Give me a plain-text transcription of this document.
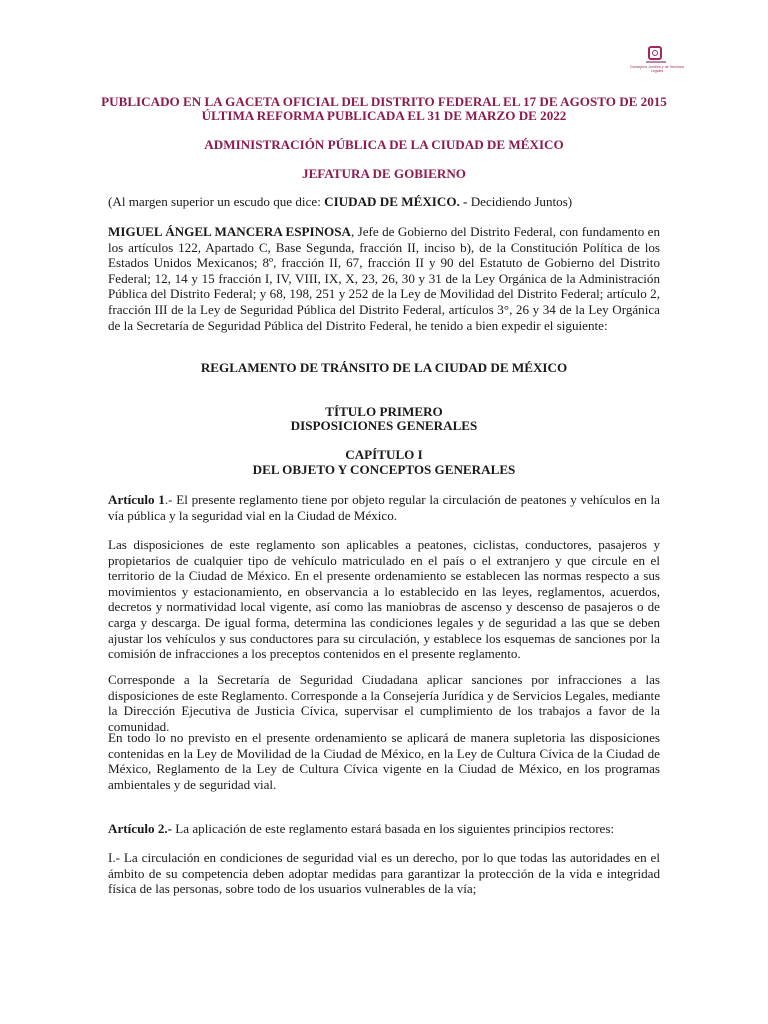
Consejería Jurídica y de Servicios Legales
PUBLICADO EN LA GACETA OFICIAL DEL DISTRITO FEDERAL EL 17 DE AGOSTO DE 2015
ÚLTIMA REFORMA PUBLICADA EL 31 DE MARZO DE 2022
ADMINISTRACIÓN PÚBLICA DE LA CIUDAD DE MÉXICO
JEFATURA DE GOBIERNO
(Al margen superior un escudo que dice: CIUDAD DE MÉXICO. - Decidiendo Juntos)
MIGUEL ÁNGEL MANCERA ESPINOSA, Jefe de Gobierno del Distrito Federal, con fundamento en los artículos 122, Apartado C, Base Segunda, fracción II, inciso b), de la Constitución Política de los Estados Unidos Mexicanos; 8º, fracción II, 67, fracción II y 90 del Estatuto de Gobierno del Distrito Federal; 12, 14 y 15 fracción I, IV, VIII, IX, X, 23, 26, 30 y 31 de la Ley Orgánica de la Administración Pública del Distrito Federal; y 68, 198, 251 y 252 de la Ley de Movilidad del Distrito Federal; artículo 2, fracción III de la Ley de Seguridad Pública del Distrito Federal, artículos 3°, 26 y 34 de la Ley Orgánica de la Secretaría de Seguridad Pública del Distrito Federal, he tenido a bien expedir el siguiente:
REGLAMENTO DE TRÁNSITO DE LA CIUDAD DE MÉXICO
TÍTULO PRIMERO
DISPOSICIONES GENERALES
CAPÍTULO I
DEL OBJETO Y CONCEPTOS GENERALES
Artículo 1.- El presente reglamento tiene por objeto regular la circulación de peatones y vehículos en la vía pública y la seguridad vial en la Ciudad de México.
Las disposiciones de este reglamento son aplicables a peatones, ciclistas, conductores, pasajeros y propietarios de cualquier tipo de vehículo matriculado en el país o el extranjero y que circule en el territorio de la Ciudad de México. En el presente ordenamiento se establecen las normas respecto a sus movimientos y estacionamiento, en observancia a lo establecido en las leyes, reglamentos, acuerdos, decretos y normatividad local vigente, así como las maniobras de ascenso y descenso de pasajeros o de carga y descarga. De igual forma, determina las condiciones legales y de seguridad a las que se deben ajustar los vehículos y sus conductores para su circulación, y establece los esquemas de sanciones por la comisión de infracciones a los preceptos contenidos en el presente reglamento.
Corresponde a la Secretaría de Seguridad Ciudadana aplicar sanciones por infracciones a las disposiciones de este Reglamento. Corresponde a la Consejería Jurídica y de Servicios Legales, mediante la Dirección Ejecutiva de Justicia Cívica, supervisar el cumplimiento de los trabajos a favor de la comunidad.
En todo lo no previsto en el presente ordenamiento se aplicará de manera supletoria las disposiciones contenidas en la Ley de Movilidad de la Ciudad de México, en la Ley de Cultura Cívica de la Ciudad de México, Reglamento de la Ley de Cultura Cívica vigente en la Ciudad de México, en los programas ambientales y de seguridad vial.
Artículo 2.- La aplicación de este reglamento estará basada en los siguientes principios rectores:
I.- La circulación en condiciones de seguridad vial es un derecho, por lo que todas las autoridades en el ámbito de su competencia deben adoptar medidas para garantizar la protección de la vida e integridad física de las personas, sobre todo de los usuarios vulnerables de la vía;
